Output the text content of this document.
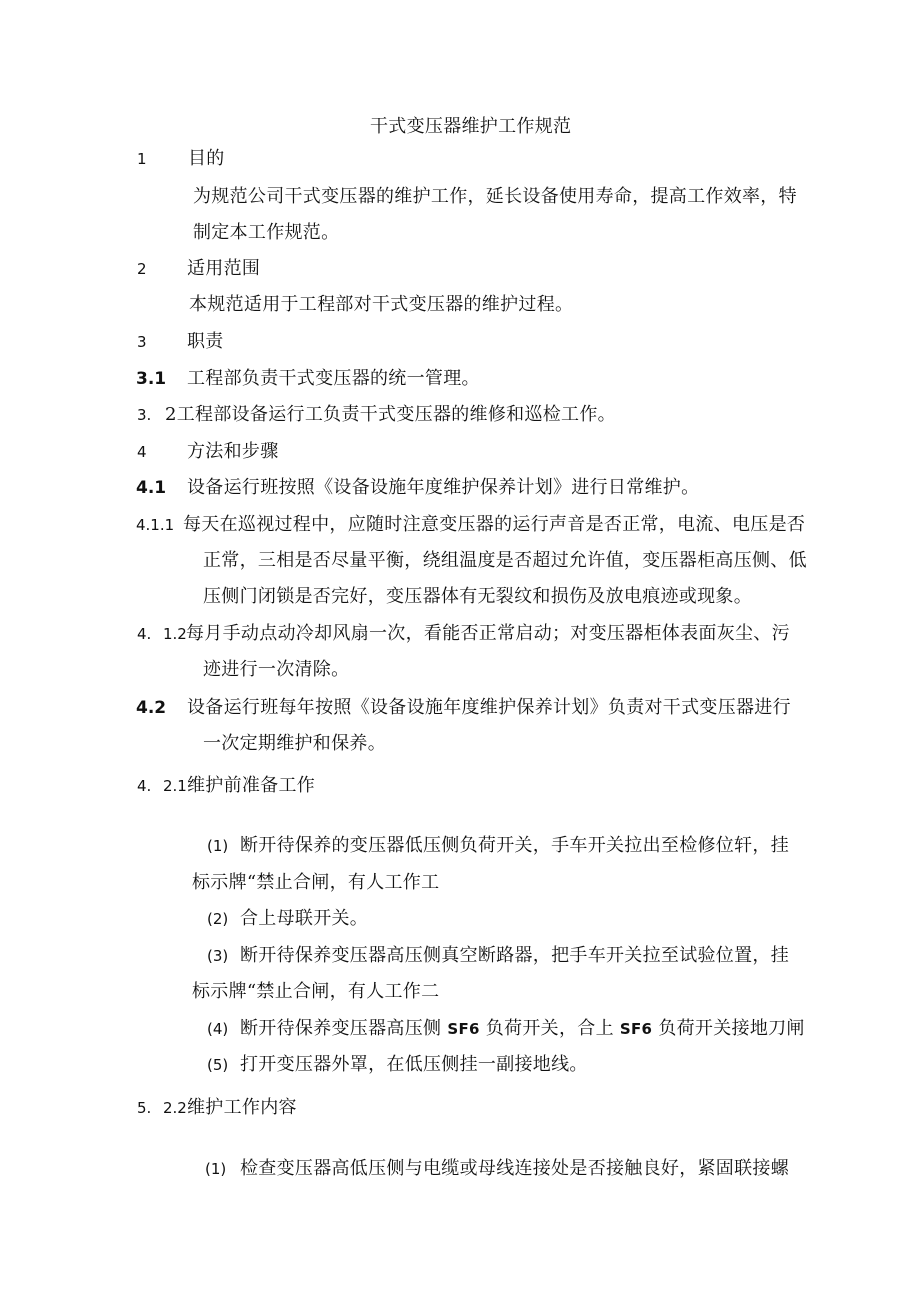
干式变压器维护工作规范
1 目的
为规范公司干式变压器的维护工作，延长设备使用寿命，提高工作效率，特
制定本工作规范。
2 适用范围
本规范适用于工程部对干式变压器的维护过程。
3 职责
3.1 工程部负责干式变压器的统一管理。
3. 2工程部设备运行工负责干式变压器的维修和巡检工作。
4 方法和步骤
4.1 设备运行班按照《设备设施年度维护保养计划》进行日常维护。
4.1.1 每天在巡视过程中，应随时注意变压器的运行声音是否正常，电流、电压是否
正常，三相是否尽量平衡，绕组温度是否超过允许值，变压器柜高压侧、低
压侧门闭锁是否完好，变压器体有无裂纹和损伤及放电痕迹或现象。
4. 1.2 每月手动点动冷却风扇一次，看能否正常启动；对变压器柜体表面灰尘、污
迹进行一次清除。
4.2 设备运行班每年按照《设备设施年度维护保养计划》负责对干式变压器进行
一次定期维护和保养。
4. 2.1 维护前准备工作
(1) 断开待保养的变压器低压侧负荷开关，手车开关拉出至检修位轩，挂
标示牌“禁止合闸，有人工作工
(2) 合上母联开关。
(3) 断开待保养变压器高压侧真空断路器，把手车开关拉至试验位置，挂
标示牌“禁止合闸，有人工作二
(4) 断开待保养变压器高压侧 SF6 负荷开关，合上 SF6 负荷开关接地刀闸
(5) 打开变压器外罩，在低压侧挂一副接地线。
5. 2.2 维护工作内容
(1) 检查变压器高低压侧与电缆或母线连接处是否接触良好，紧固联接螺
